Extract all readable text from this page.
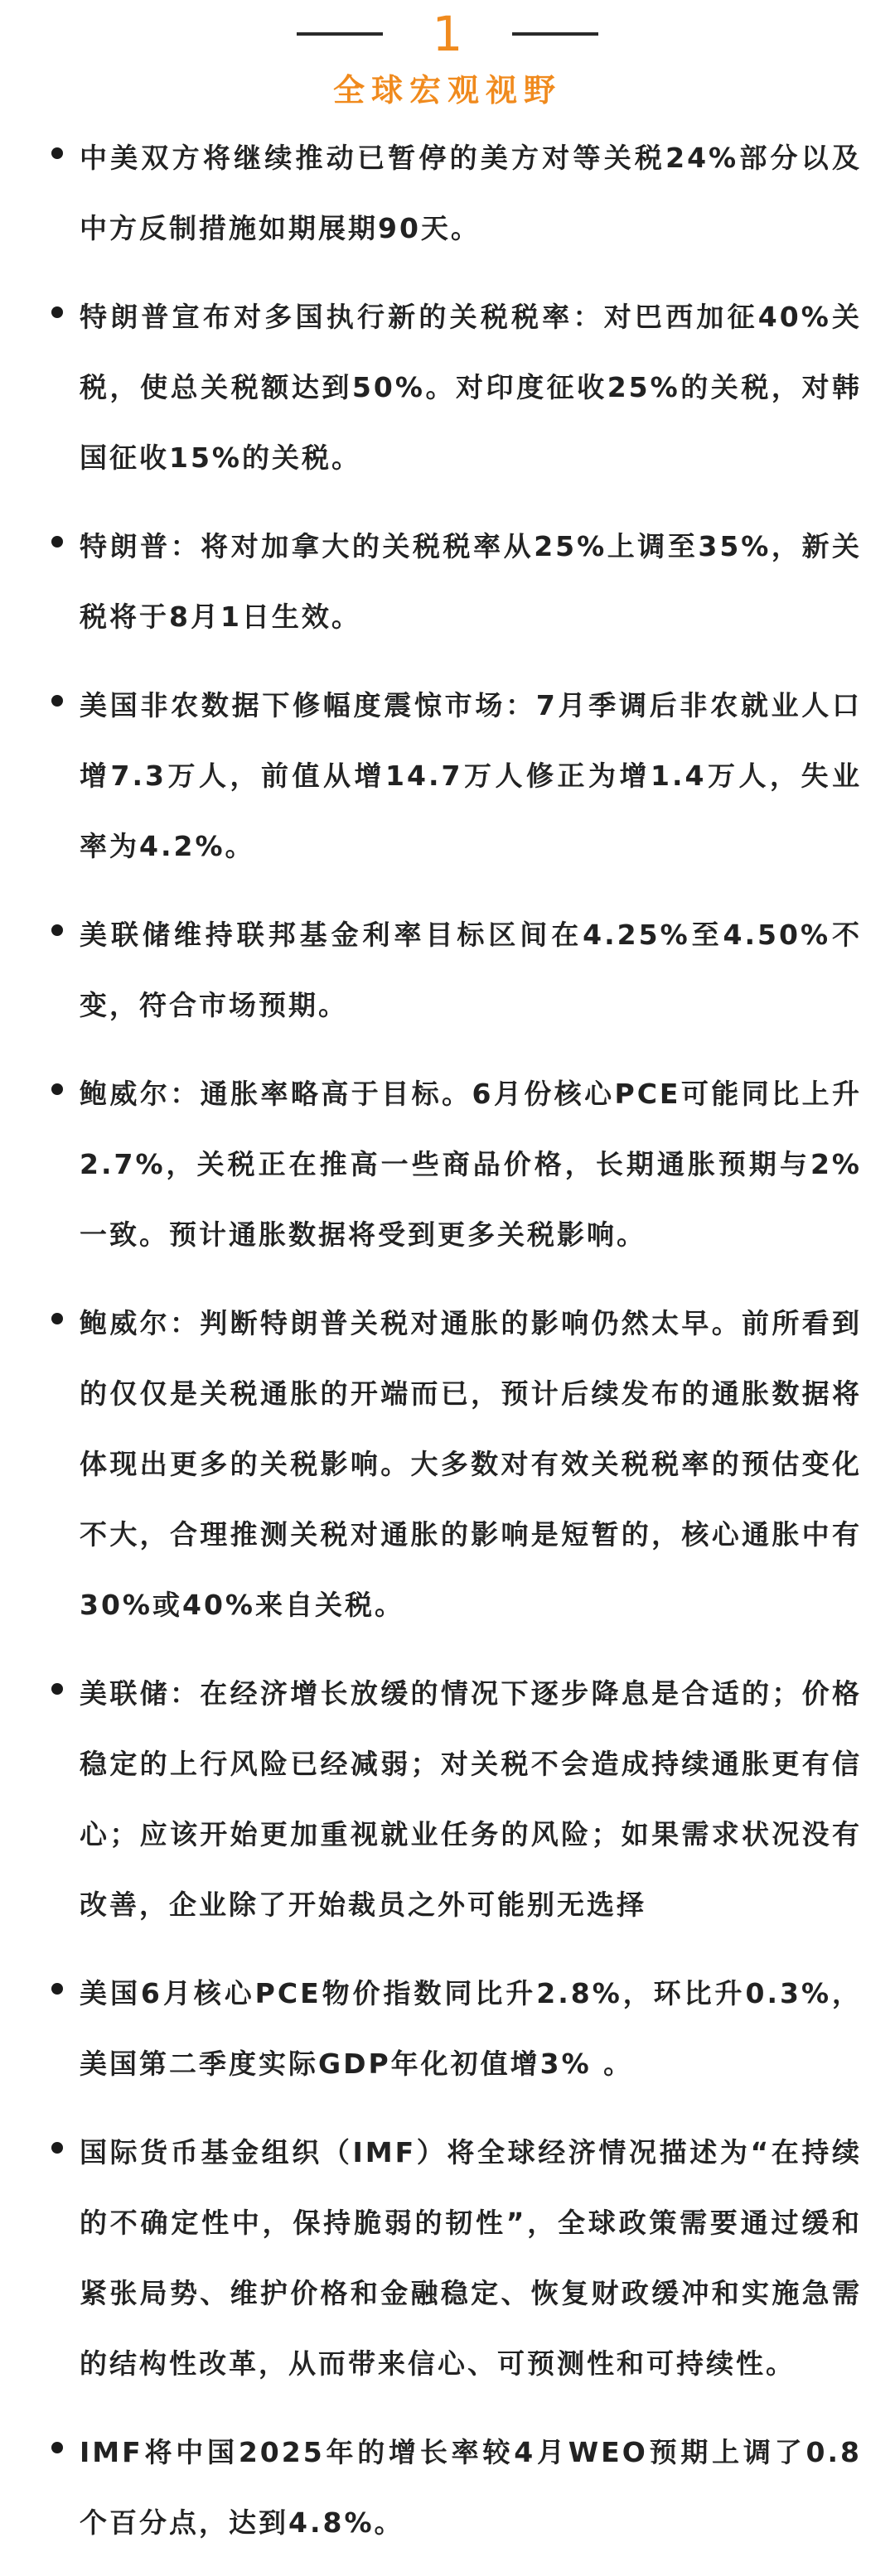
1
全球宏观视野
中美双方将继续推动已暂停的美方对等关税24%部分以及中方反制措施如期展期90天。
特朗普宣布对多国执行新的关税税率：对巴西加征40%关税，使总关税额达到50%。对印度征收25%的关税，对韩国征收15%的关税。
特朗普：将对加拿大的关税税率从25%上调至35%，新关税将于8月1日生效。
美国非农数据下修幅度震惊市场：7月季调后非农就业人口增7.3万人，前值从增14.7万人修正为增1.4万人，失业率为4.2%。
美联储维持联邦基金利率目标区间在4.25%至4.50%不变，符合市场预期。
鲍威尔：通胀率略高于目标。6月份核心PCE可能同比上升2.7%，关税正在推高一些商品价格，长期通胀预期与2%一致。预计通胀数据将受到更多关税影响。
鲍威尔：判断特朗普关税对通胀的影响仍然太早。前所看到的仅仅是关税通胀的开端而已，预计后续发布的通胀数据将体现出更多的关税影响。大多数对有效关税税率的预估变化不大，合理推测关税对通胀的影响是短暂的，核心通胀中有30%或40%来自关税。
美联储：在经济增长放缓的情况下逐步降息是合适的；价格稳定的上行风险已经减弱；对关税不会造成持续通胀更有信心；应该开始更加重视就业任务的风险；如果需求状况没有改善，企业除了开始裁员之外可能别无选择
美国6月核心PCE物价指数同比升2.8%，环比升0.3%，美国第二季度实际GDP年化初值增3% 。
国际货币基金组织（IMF）将全球经济情况描述为“在持续的不确定性中，保持脆弱的韧性”，全球政策需要通过缓和紧张局势、维护价格和金融稳定、恢复财政缓冲和实施急需的结构性改革，从而带来信心、可预测性和可持续性。
IMF将中国2025年的增长率较4月WEO预期上调了0.8个百分点，达到4.8%。
